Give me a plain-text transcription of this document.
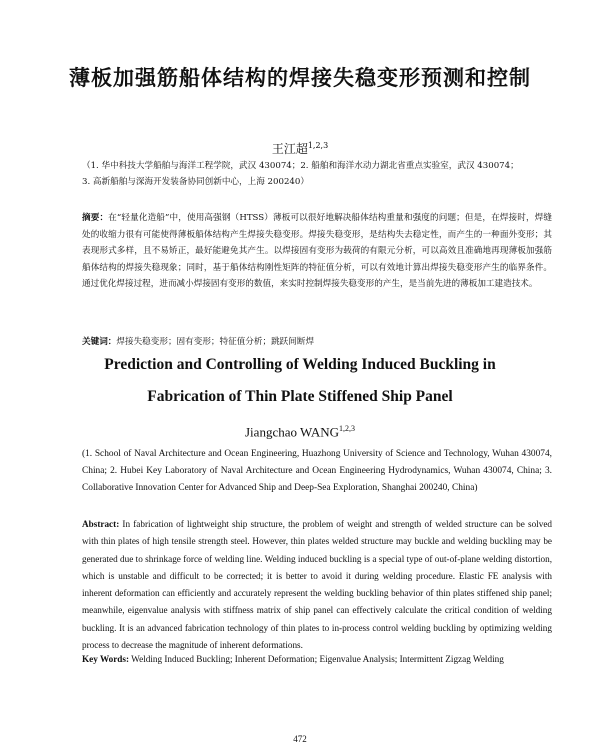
薄板加强筋船体结构的焊接失稳变形预测和控制
王江超$^{1,2,3}$
（1. 华中科技大学船舶与海洋工程学院，武汉 430074；2. 船舶和海洋水动力湖北省重点实验室，武汉 430074；
3. 高新船舶与深海开发装备协同创新中心，上海 200240）
摘要：在“轻量化造船”中，使用高强钢（HTSS）薄板可以很好地解决船体结构重量和强度的问题；但是，在焊接时，焊缝处的收缩力很有可能使得薄板船体结构产生焊接失稳变形。焊接失稳变形，是结构失去稳定性，而产生的一种面外变形；其表现形式多样，且不易矫正，最好能避免其产生。以焊接固有变形为载荷的有限元分析，可以高效且准确地再现薄板加强筋船体结构的焊接失稳现象；同时，基于船体结构刚性矩阵的特征值分析，可以有效地计算出焊接失稳变形产生的临界条件。通过优化焊接过程，进而减小焊接固有变形的数值，来实时控制焊接失稳变形的产生，是当前先进的薄板加工建造技术。
关键词：焊接失稳变形；固有变形；特征值分析；跳跃间断焊
Prediction and Controlling of Welding Induced Buckling in
Fabrication of Thin Plate Stiffened Ship Panel
Jiangchao WANG$^{1,2,3}$
(1. School of Naval Architecture and Ocean Engineering, Huazhong University of Science and Technology, Wuhan 430074, China; 2. Hubei Key Laboratory of Naval Architecture and Ocean Engineering Hydrodynamics, Wuhan 430074, China; 3. Collaborative Innovation Center for Advanced Ship and Deep-Sea Exploration, Shanghai 200240, China)
Abstract: In fabrication of lightweight ship structure, the problem of weight and strength of welded structure can be solved with thin plates of high tensile strength steel. However, thin plates welded structure may buckle and welding buckling may be generated due to shrinkage force of welding line. Welding induced buckling is a special type of out-of-plane welding distortion, which is unstable and difficult to be corrected; it is better to avoid it during welding procedure. Elastic FE analysis with inherent deformation can efficiently and accurately represent the welding buckling behavior of thin plates stiffened ship panel; meanwhile, eigenvalue analysis with stiffness matrix of ship panel can effectively calculate the critical condition of welding buckling. It is an advanced fabrication technology of thin plates to in-process control welding buckling by optimizing welding process to decrease the magnitude of inherent deformations.
Key Words: Welding Induced Buckling; Inherent Deformation; Eigenvalue Analysis; Intermittent Zigzag Welding
472
